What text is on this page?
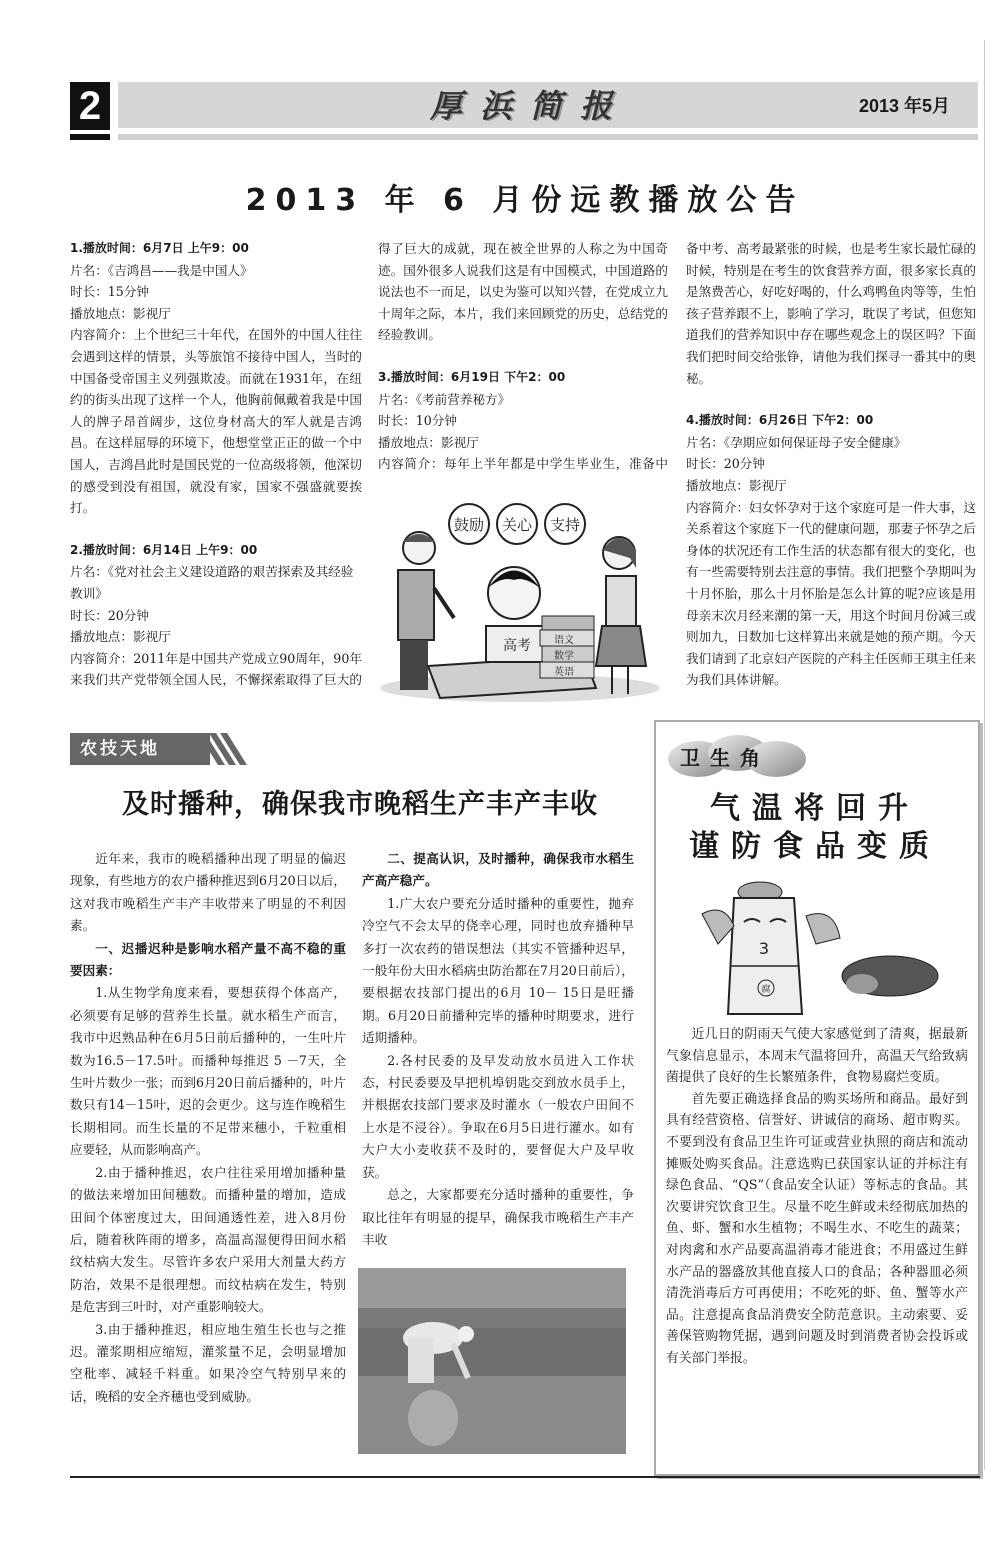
2	厚浜简报	2013 年5月
2013 年 6 月份远教播放公告

1.播放时间：6月7日 上午9：00

片名：《吉鸿昌——我是中国人》

时长：15分钟

播放地点：影视厅

内容简介：上个世纪三十年代，在国外的中国人往往会遇到这样的情景，头等旅馆不接待中国人，当时的中国备受帝国主义列强欺凌。而就在1931年，在纽约的街头出现了这样一个人，他胸前佩戴着我是中国人的牌子昂首阔步，这位身材高大的军人就是吉鸿昌。在这样屈辱的环境下，他想堂堂正正的做一个中国人，吉鸿昌此时是国民党的一位高级将领，他深切的感受到没有祖国，就没有家，国家不强盛就要挨打。

2.播放时间：6月14日 上午9：00

片名：《党对社会主义建设道路的艰苦探索及其经验教训》

时长：20分钟

播放地点：影视厅

内容简介：2011年是中国共产党成立90周年，90年来我们共产党带领全国人民，不懈探索取得了巨大的

得了巨大的成就，现在被全世界的人称之为中国奇迹。国外很多人说我们这是有中国模式，中国道路的说法也不一而足，以史为鉴可以知兴替，在党成立九十周年之际，本片，我们来回顾党的历史，总结党的经验教训。

3.播放时间：6月19日 下午2：00

片名：《考前营养秘方》

时长：10分钟

播放地点：影视厅

内容简介：每年上半年都是中学生毕业生，准备中

鼓励 关心 支持
高考 语文
数学
英语

备中考、高考最紧张的时候，也是考生家长最忙碌的时候，特别是在考生的饮食营养方面，很多家长真的是煞费苦心，好吃好喝的，什么鸡鸭鱼肉等等，生怕孩子营养跟不上，影响了学习，耽误了考试，但您知道我们的营养知识中存在哪些观念上的误区吗？下面我们把时间交给张铮，请他为我们探寻一番其中的奥秘。

4.播放时间：6月26日 下午2：00

片名：《孕期应如何保证母子安全健康》

时长：20分钟

播放地点：影视厅

内容简介：妇女怀孕对于这个家庭可是一件大事，这关系着这个家庭下一代的健康问题，那妻子怀孕之后身体的状况还有工作生活的状态都有很大的变化，也有一些需要特别去注意的事情。我们把整个孕期叫为十月怀胎，那么十月怀胎是怎么计算的呢?应该是用母亲末次月经来潮的第一天，用这个时间月份减三或则加九，日数加七这样算出来就是她的预产期。今天我们请到了北京妇产医院的产科主任医师王琪主任来为我们具体讲解。

农技天地
及时播种，确保我市晚稻生产丰产丰收

近年来，我市的晚稻播种出现了明显的偏迟现象，有些地方的农户播种推迟到6月20日以后，这对我市晚稻生产丰产丰收带来了明显的不利因素。

一、迟播迟种是影响水稻产量不高不稳的重要因素：

1.从生物学角度来看，要想获得个体高产，必须要有足够的营养生长量。就水稻生产而言，我市中迟熟品种在6月5日前后播种的，一生叶片数为16.5－17.5叶。而播种每推迟 5 －7天，全生叶片数少一张；而到6月20日前后播种的，叶片数只有14－15叶，迟的会更少。这与连作晚稻生长期相同。而生长量的不足带来穗小，千粒重相应要轻，从而影响高产。

2.由于播种推迟，农户往往采用增加播种量的做法来增加田间穗数。而播种量的增加，造成田间个体密度过大，田间通透性差，进入8月份后，随着秋阵雨的增多，高温高湿便得田间水稻纹枯病大发生。尽管许多农户采用大剂量大药方防治，效果不是很理想。而纹枯病在发生，特别是危害到三叶时，对产重影响较大。

3.由于播种推迟，相应地生殖生长也与之推迟。灌浆期相应缩短，灌浆量不足，会明显增加空秕率、减轻千料重。如果冷空气特别早来的话，晚稻的安全齐穗也受到威胁。

二、提高认识，及时播种，确保我市水稻生产高产稳产。

1.广大农户要充分适时播种的重要性，抛弃冷空气不会太早的侥幸心理，同时也放弃播种早多打一次农药的错误想法（其实不管播种迟早，一般年份大田水稻病虫防治都在7月20日前后），要根据农技部门提出的6月 10－ 15日是旺播期。6月20日前播种完毕的播种时期要求，进行适期播种。

2.各村民委的及早发动放水员进入工作状态，村民委要及早把机埠钥匙交到放水员手上，并根据农技部门要求及时灌水（一般农户田间不上水是不浸谷）。争取在6月5日进行灌水。如有大户大小麦收获不及时的，要督促大户及早收获。

总之，大家都要充分适时播种的重要性，争取比往年有明显的提早，确保我市晚稻生产丰产丰收

卫生角
气温将回升
谨防食品变质
3
腐

近几日的阴雨天气使大家感觉到了清爽，据最新气象信息显示，本周末气温将回升，高温天气给致病菌提供了良好的生长繁殖条件，食物易腐烂变质。

首先要正确选择食品的购买场所和商品。最好到具有经营资格、信誉好、讲诚信的商场、超市购买。不要到没有食品卫生许可证或营业执照的商店和流动摊贩处购买食品。注意选购已获国家认证的并标注有绿色食品、“QS”（食品安全认证）等标志的食品。其次要讲究饮食卫生。尽量不吃生鲜或未经彻底加热的鱼、虾、蟹和水生植物；不喝生水、不吃生的蔬菜；对肉禽和水产品要高温消毒才能进食；不用盛过生鲜水产品的器盛放其他直接人口的食品；各种器皿必须清洗消毒后方可再使用；不吃死的虾、鱼、蟹等水产品。注意提高食品消费安全防范意识。主动索要、妥善保管购物凭据，遇到问题及时到消费者协会投诉或有关部门举报。
